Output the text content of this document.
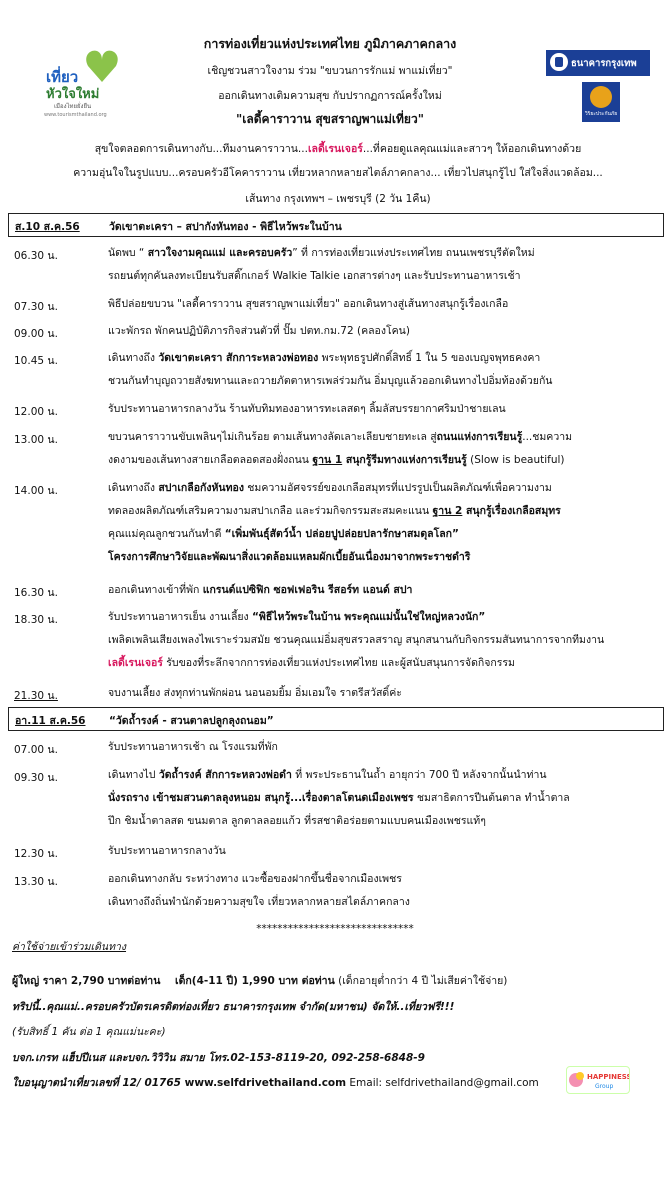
เที่ยว
หัวใจใหม่
เมืองไทยยั่งยืน
www.tourismthailand.org
ธนาคารกรุงเทพ
วิริยะประกันภัย
การท่องเที่ยวแห่งประเทศไทย ภูมิภาคภาคกลาง
เชิญชวนสาวใจงาม ร่วม "ขบวนการรักแม่ พาแม่เที่ยว"
ออกเดินทางเติมความสุข กับปรากฏการณ์ครั้งใหม่
"เลดี้คาราวาน สุขสราญพาแม่เที่ยว"
สุขใจตลอดการเดินทางกับ...ทีมงานคาราวาน...เลดี้เรนเจอร์...ที่คอยดูแลคุณแม่และสาวๆ ให้ออกเดินทางด้วย
ความอุ่นใจในรูปแบบ...ครอบครัวอีโคคาราวาน เที่ยวหลากหลายสไตล์ภาคกลาง... เที่ยวไปสนุกรู้ไป ใส่ใจสิ่งแวดล้อม...
เส้นทาง กรุงเทพฯ – เพชรบุรี (2 วัน 1คืน)
ส.10 ส.ค.56	วัดเขาตะเครา – สปากังหันทอง - พิธีไหว้พระในบ้าน
06.30 น.	นัดพบ “ สาวใจงามคุณแม่ และครอบครัว” ที่ การท่องเที่ยวแห่งประเทศไทย ถนนเพชรบุรีตัดใหม่
รถยนต์ทุกคันลงทะเบียนรับสติ๊กเกอร์ Walkie Talkie เอกสารต่างๆ และรับประทานอาหารเช้า
07.30 น.	พิธีปล่อยขบวน "เลดี้คาราวาน สุขสราญพาแม่เที่ยว" ออกเดินทางสู่เส้นทางสนุกรู้เรื่องเกลือ
09.00 น.	แวะพักรถ พักคนปฏิบัติภารกิจส่วนตัวที่ ปั๊ม ปตท.กม.72 (คลองโคน)
10.45 น.	เดินทางถึง วัดเขาตะเครา สักการะหลวงพ่อทอง พระพุทธรูปศักดิ์สิทธิ์ 1 ใน 5 ของเบญจพุทธคงคา
ชวนกันทำบุญถวายสังฆทานและถวายภัตตาหารเพล่ร่วมกัน อิ่มบุญแล้วออกเดินทางไปอิ่มท้องด้วยกัน
12.00 น.	รับประทานอาหารกลางวัน ร้านทับทิมทองอาหารทะเลสดๆ ลิ้มลัสบรรยากาศริมป่าชายเลน
13.00 น.	ขบวนคาราวานขับเพลินๆไม่เกินร้อย ตามเส้นทางลัดเลาะเลียบชายทะเล สู่ถนนแห่งการเรียนรู้...ชมความ
งดงามของเส้นทางสายเกลือตลอดสองฝั่งถนน ฐาน 1 สนุกรู้รีมทางแห่งการเรียนรู้ (Slow is beautiful)
14.00 น.	เดินทางถึง สปาเกลือกังหันทอง ชมความอัศจรรย์ของเกลือสมุทรที่แปรรูปเป็นผลิตภัณฑ์เพื่อความงาม
ทดลองผลิตภัณฑ์เสริมความงามสปาเกลือ และร่วมกิจกรรมสะสมคะแนน ฐาน 2 สนุกรู้เรื่องเกลือสมุทร
คุณแม่คุณลูกชวนกันทำดี “เพิ่มพันธุ์สัตว์น้ำ ปล่อยปูปล่อยปลารักษาสมดุลโลก”
โครงการศึกษาวิจัยและพัฒนาสิ่งแวดล้อมแหลมผักเบี้ยอันเนื่องมาจากพระราชดำริ
16.30 น.	ออกเดินทางเข้าที่พัก แกรนด์แปซิฟิก ซอฟเฟอริน รีสอร์ท แอนด์ สปา
18.30 น.	รับประทานอาหารเย็น งานเลี้ยง “พิธีไหว้พระในบ้าน พระคุณแม่นั้นใช่ใหญ่หลวงนัก”
เพลิดเพลินเสียงเพลงไพเราะร่วมสมัย ชวนคุณแม่อิ่มสุขสรวลสราญ สนุกสนานกับกิจกรรมสันทนาการจากทีมงาน
เลดี้เรนเจอร์ รับของที่ระลึกจากการท่องเที่ยวแห่งประเทศไทย และผู้สนับสนุนการจัดกิจกรรม
21.30 น.	จบงานเลี้ยง ส่งทุกท่านพักผ่อน นอนอมยิ้ม อิ่มเอมใจ ราตรีสวัสดิ์ค่ะ
อา.11 ส.ค.56 “วัดถ้ำรงค์ - สวนตาลปลูกลุงถนอม”
07.00 น.	รับประทานอาหารเช้า ณ โรงแรมที่พัก
09.30 น.	เดินทางไป วัดถ้ำรงค์ สักการะหลวงพ่อดำ ที่ พระประธานในถ้ำ อายุกว่า 700 ปี หลังจากนั้นนำท่าน
นั่งรถราง เข้าชมสวนตาลลุงหนอม สนุกรู้...เรื่องตาลโตนดเมืองเพชร ชมสาธิตการปีนต้นตาล ทำน้ำตาล
ปึก ชิมน้ำตาลสด ขนมตาล ลูกตาลลอยแก้ว ที่รสชาติอร่อยตามแบบคนเมืองเพชรแท้ๆ
12.30 น.	รับประทานอาหารกลางวัน
13.30 น.	ออกเดินทางกลับ ระหว่างทาง แวะซื้อของฝากขึ้นชื่อจากเมืองเพชร
เดินทางถึงถิ่นพำนักด้วยความสุขใจ เที่ยวหลากหลายสไตล์ภาคกลาง
******************************
ค่าใช้จ่ายเข้าร่วมเดินทาง
ผู้ใหญ่ ราคา 2,790 บาทต่อท่าน    เด็ก(4-11 ปี) 1,990 บาท ต่อท่าน (เด็กอายุต่ำกว่า 4 ปี ไม่เสียค่าใช้จ่าย)
ทริปนี้..คุณแม่..ครอบครัวบัตรเครดิตท่องเที่ยว ธนาคารกรุงเทพ จำกัด(มหาชน) จัดให้..เที่ยวฟรี!!!
(รับสิทธิ์ 1 คัน ต่อ 1 คุณแม่นะคะ)
บจก.เกรท แฮ็ปปีเนส และบจก.วิวิวิน สมาย โทร.02-153-8119-20, 092-258-6848-9
ใบอนุญาตนำเที่ยวเลขที่ 12/ 01765 www.selfdrivethailand.com Email: selfdrivethailand@gmail.com	HAPPINESS
Group
